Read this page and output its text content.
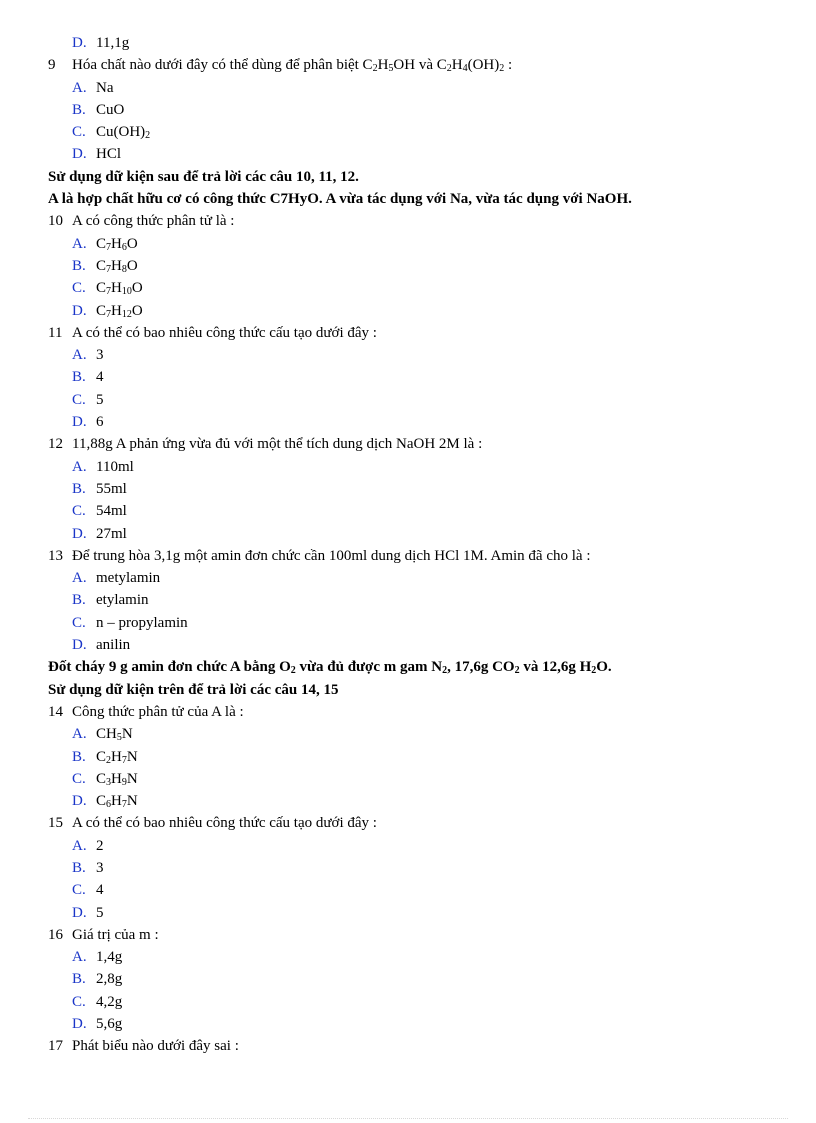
D. 11,1g
9 Hóa chất nào dưới đây có thể dùng để phân biệt $C_2H_5OH$ và $C_2H_4(OH)_2$ :
A. Na
B. CuO
C. $Cu(OH)_2$
D. HCl
Sử dụng dữ kiện sau để trả lời các câu 10, 11, 12.
A là hợp chất hữu cơ có công thức C7HyO. A vừa tác dụng với Na, vừa tác dụng với NaOH.
10 A có công thức phân tử là :
A. $C_7H_6O$
B. $C_7H_8O$
C. $C_7H_{10}O$
D. $C_7H_{12}O$
11 A có thể có bao nhiêu công thức cấu tạo dưới đây :
A. 3
B. 4
C. 5
D. 6
12 11,88g A phản ứng vừa đủ với một thể tích dung dịch NaOH 2M là :
A. 110ml
B. 55ml
C. 54ml
D. 27ml
13 Để trung hòa 3,1g một amin đơn chức cần 100ml dung dịch HCl 1M. Amin đã cho là :
A. metylamin
B. etylamin
C. n – propylamin
D. anilin
Đốt cháy 9 g amin đơn chức A bằng $O_2$ vừa đủ được m gam $N_2$, 17,6g $CO_2$ và 12,6g $H_2O$.
Sử dụng dữ kiện trên để trả lời các câu 14, 15
14 Công thức phân tử của A là :
A. $CH_5N$
B. $C_2H_7N$
C. $C_3H_9N$
D. $C_6H_7N$
15 A có thể có bao nhiêu công thức cấu tạo dưới đây :
A. 2
B. 3
C. 4
D. 5
16 Giá trị của m :
A. 1,4g
B. 2,8g
C. 4,2g
D. 5,6g
17 Phát biểu nào dưới đây sai :
